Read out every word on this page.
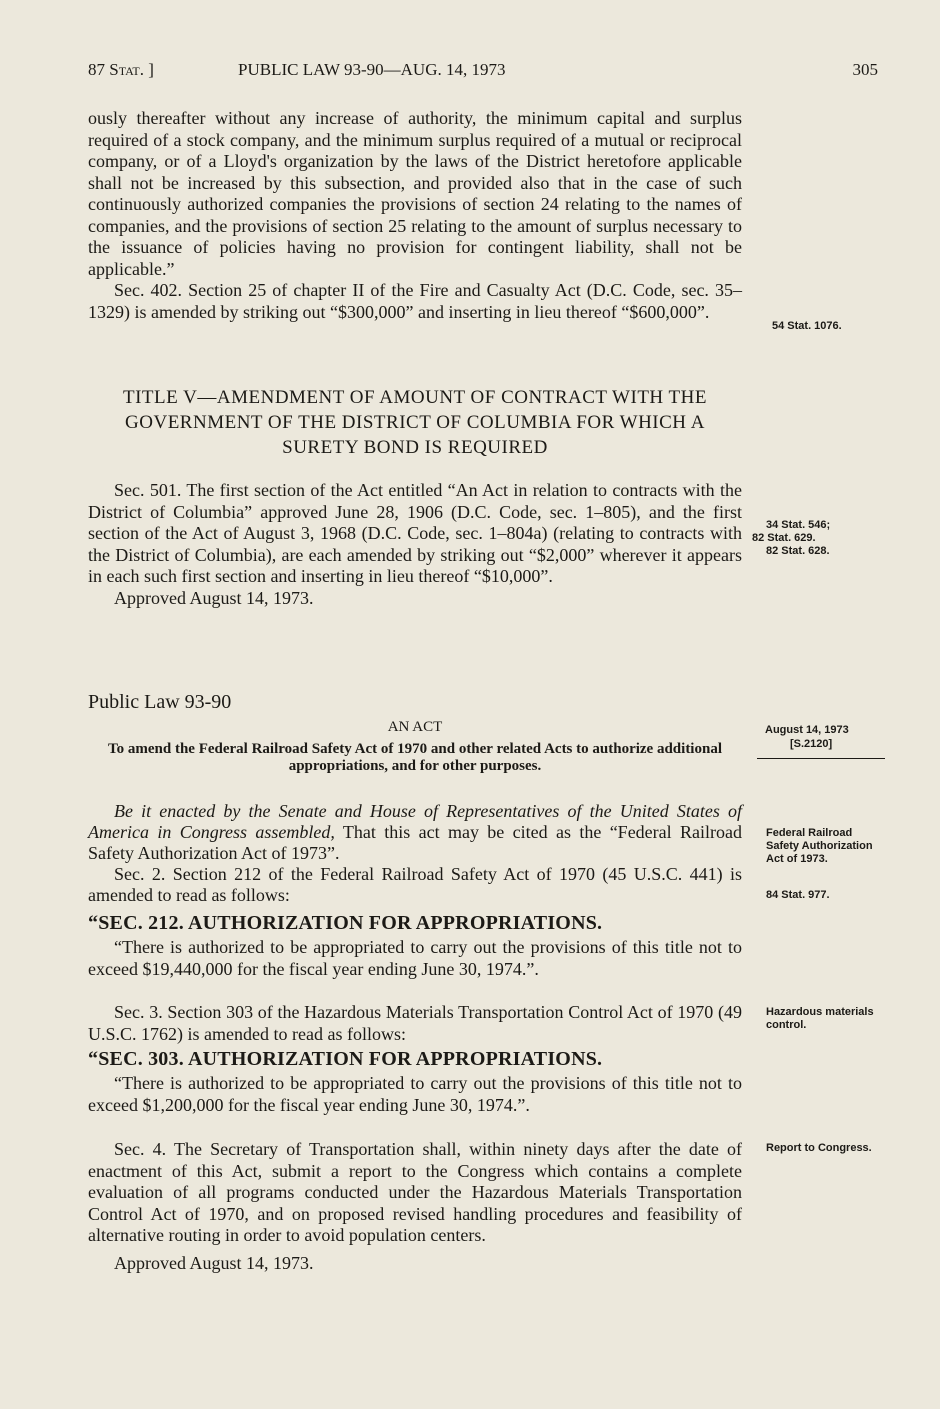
87 Stat. ]	PUBLIC LAW 93-90—AUG. 14, 1973	305

ously thereafter without any increase of authority, the minimum capital and surplus required of a stock company, and the minimum surplus required of a mutual or reciprocal company, or of a Lloyd's organization by the laws of the District heretofore applicable shall not be increased by this subsection, and provided also that in the case of such continuously authorized companies the provisions of section 24 relating to the names of companies, and the provisions of section 25 relating to the amount of surplus necessary to the issuance of policies having no provision for contingent liability, shall not be applicable.”

Sec. 402. Section 25 of chapter II of the Fire and Casualty Act (D.C. Code, sec. 35–1329) is amended by striking out “$300,000” and inserting in lieu thereof “$600,000”.

TITLE V—AMENDMENT OF AMOUNT OF CONTRACT WITH THE GOVERNMENT OF THE DISTRICT OF COLUMBIA FOR WHICH A SURETY BOND IS REQUIRED

Sec. 501. The first section of the Act entitled “An Act in relation to contracts with the District of Columbia” approved June 28, 1906 (D.C. Code, sec. 1–805), and the first section of the Act of August 3, 1968 (D.C. Code, sec. 1–804a) (relating to contracts with the District of Columbia), are each amended by striking out “$2,000” wherever it appears in each such first section and inserting in lieu thereof “$10,000”.

Approved August 14, 1973.

Public Law 93-90
AN ACT
To amend the Federal Railroad Safety Act of 1970 and other related Acts to authorize additional appropriations, and for other purposes.

Be it enacted by the Senate and House of Representatives of the United States of America in Congress assembled, That this act may be cited as the “Federal Railroad Safety Authorization Act of 1973”.

Sec. 2. Section 212 of the Federal Railroad Safety Act of 1970 (45 U.S.C. 441) is amended to read as follows:

“SEC. 212. AUTHORIZATION FOR APPROPRIATIONS.

“There is authorized to be appropriated to carry out the provisions of this title not to exceed $19,440,000 for the fiscal year ending June 30, 1974.”.

Sec. 3. Section 303 of the Hazardous Materials Transportation Control Act of 1970 (49 U.S.C. 1762) is amended to read as follows:

“SEC. 303. AUTHORIZATION FOR APPROPRIATIONS.

“There is authorized to be appropriated to carry out the provisions of this title not to exceed $1,200,000 for the fiscal year ending June 30, 1974.”.

Sec. 4. The Secretary of Transportation shall, within ninety days after the date of enactment of this Act, submit a report to the Congress which contains a complete evaluation of all programs conducted under the Hazardous Materials Transportation Control Act of 1970, and on proposed revised handling procedures and feasibility of alternative routing in order to avoid population centers.

Approved August 14, 1973.

54 Stat. 1076.
34 Stat. 546;
82 Stat. 629.
82 Stat. 628.
August 14, 1973
[S.2120]
Federal Railroad Safety Authorization Act of 1973.
84 Stat. 977.
Hazardous materials control.
Report to Congress.
